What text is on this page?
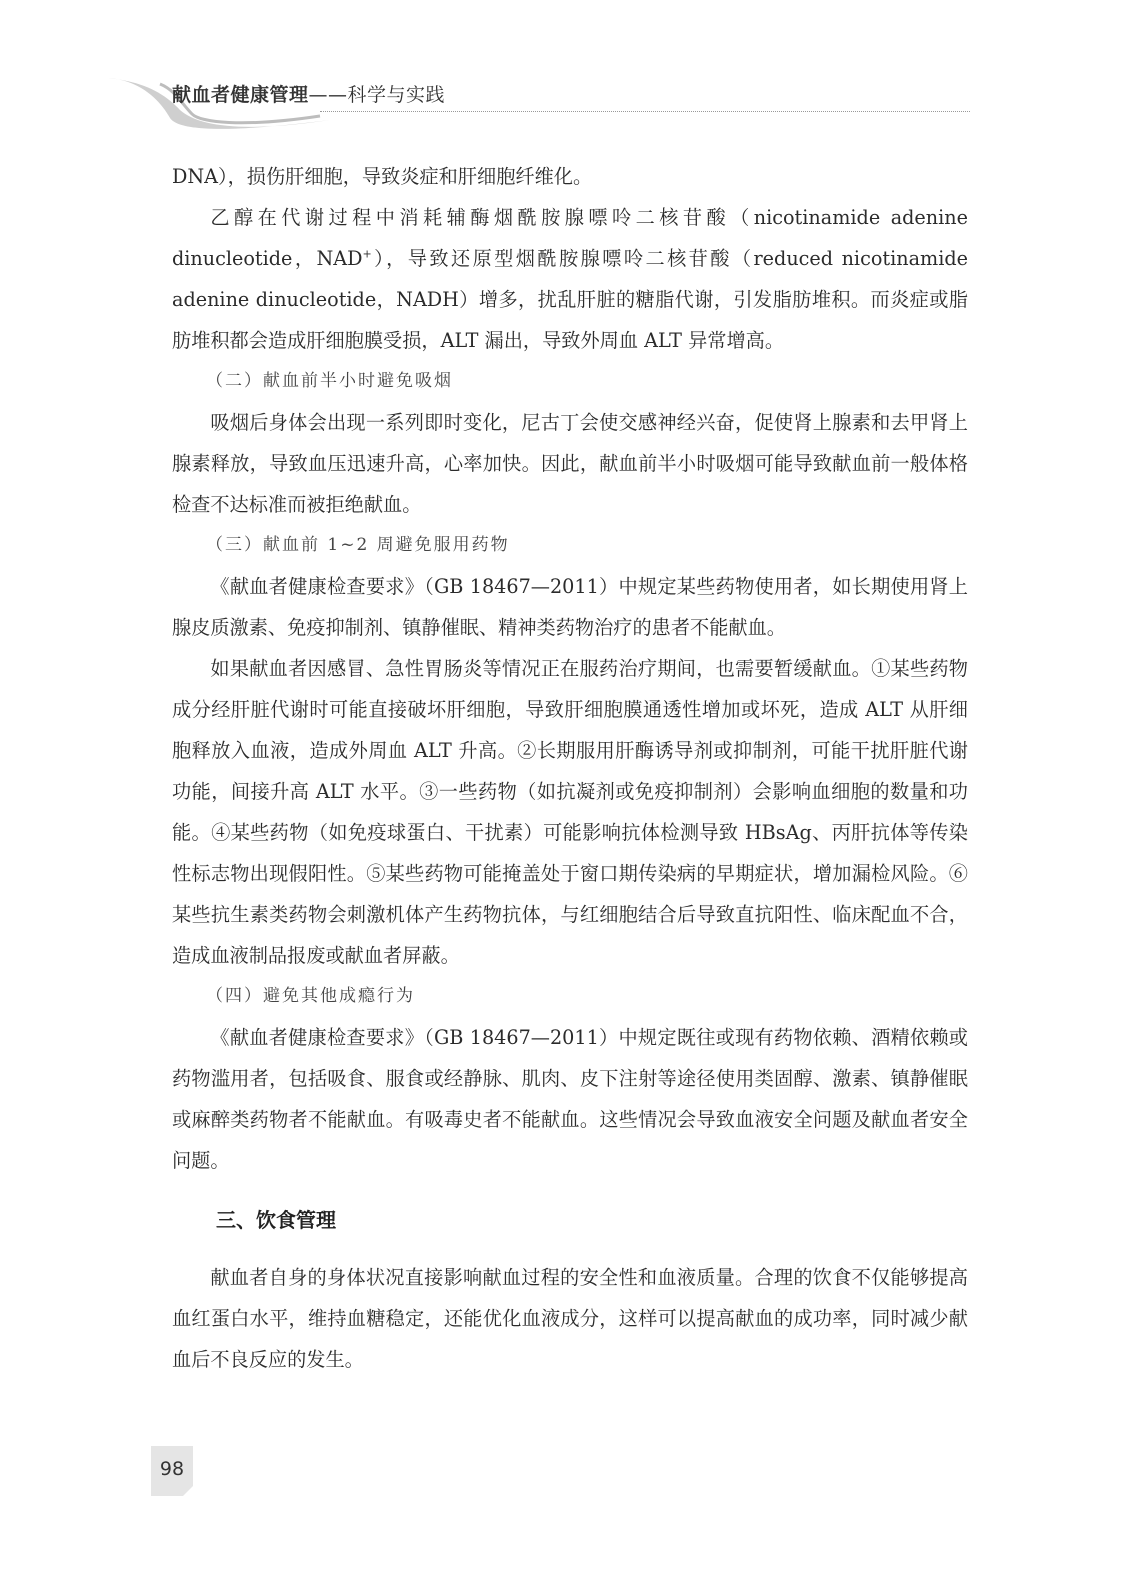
献血者健康管理——科学与实践

DNA），损伤肝细胞，导致炎症和肝细胞纤维化。

乙醇在代谢过程中消耗辅酶烟酰胺腺嘌呤二核苷酸（nicotinamide adenine dinucleotide，NAD+），导致还原型烟酰胺腺嘌呤二核苷酸（reduced nicotinamide adenine dinucleotide，NADH）增多，扰乱肝脏的糖脂代谢，引发脂肪堆积。而炎症或脂肪堆积都会造成肝细胞膜受损，ALT 漏出，导致外周血 ALT 异常增高。

（二）献血前半小时避免吸烟

吸烟后身体会出现一系列即时变化，尼古丁会使交感神经兴奋，促使肾上腺素和去甲肾上腺素释放，导致血压迅速升高，心率加快。因此，献血前半小时吸烟可能导致献血前一般体格检查不达标准而被拒绝献血。

（三）献血前 1~2 周避免服用药物

《献血者健康检查要求》（GB 18467—2011）中规定某些药物使用者，如长期使用肾上腺皮质激素、免疫抑制剂、镇静催眠、精神类药物治疗的患者不能献血。

如果献血者因感冒、急性胃肠炎等情况正在服药治疗期间，也需要暂缓献血。①某些药物成分经肝脏代谢时可能直接破坏肝细胞，导致肝细胞膜通透性增加或坏死，造成 ALT 从肝细胞释放入血液，造成外周血 ALT 升高。②长期服用肝酶诱导剂或抑制剂，可能干扰肝脏代谢功能，间接升高 ALT 水平。③一些药物（如抗凝剂或免疫抑制剂）会影响血细胞的数量和功能。④某些药物（如免疫球蛋白、干扰素）可能影响抗体检测导致 HBsAg、丙肝抗体等传染性标志物出现假阳性。⑤某些药物可能掩盖处于窗口期传染病的早期症状，增加漏检风险。⑥某些抗生素类药物会刺激机体产生药物抗体，与红细胞结合后导致直抗阳性、临床配血不合，造成血液制品报废或献血者屏蔽。

（四）避免其他成瘾行为

《献血者健康检查要求》（GB 18467—2011）中规定既往或现有药物依赖、酒精依赖或药物滥用者，包括吸食、服食或经静脉、肌肉、皮下注射等途径使用类固醇、激素、镇静催眠或麻醉类药物者不能献血。有吸毒史者不能献血。这些情况会导致血液安全问题及献血者安全问题。

三、饮食管理

献血者自身的身体状况直接影响献血过程的安全性和血液质量。合理的饮食不仅能够提高血红蛋白水平，维持血糖稳定，还能优化血液成分，这样可以提高献血的成功率，同时减少献血后不良反应的发生。

98
